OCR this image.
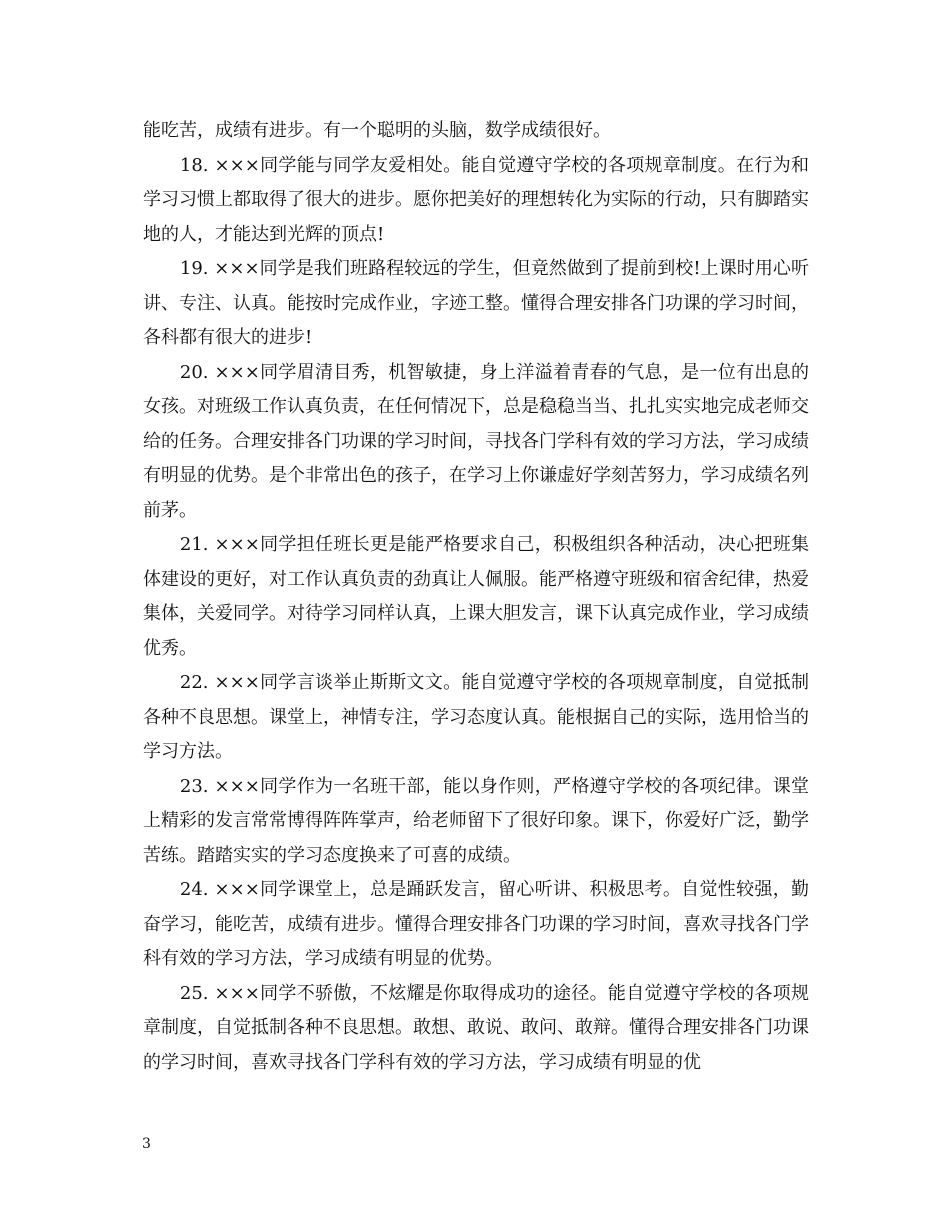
能吃苦，成绩有进步。有一个聪明的头脑，数学成绩很好。

18. ×××同学能与同学友爱相处。能自觉遵守学校的各项规章制度。在行为和学习习惯上都取得了很大的进步。愿你把美好的理想转化为实际的行动，只有脚踏实地的人，才能达到光辉的顶点!

19. ×××同学是我们班路程较远的学生，但竟然做到了提前到校!上课时用心听讲、专注、认真。能按时完成作业，字迹工整。懂得合理安排各门功课的学习时间，各科都有很大的进步!

20. ×××同学眉清目秀，机智敏捷，身上洋溢着青春的气息，是一位有出息的女孩。对班级工作认真负责，在任何情况下，总是稳稳当当、扎扎实实地完成老师交给的任务。合理安排各门功课的学习时间，寻找各门学科有效的学习方法，学习成绩有明显的优势。是个非常出色的孩子，在学习上你谦虚好学刻苦努力，学习成绩名列前茅。

21. ×××同学担任班长更是能严格要求自己，积极组织各种活动，决心把班集体建设的更好，对工作认真负责的劲真让人佩服。能严格遵守班级和宿舍纪律，热爱集体，关爱同学。对待学习同样认真，上课大胆发言，课下认真完成作业，学习成绩优秀。

22. ×××同学言谈举止斯斯文文。能自觉遵守学校的各项规章制度，自觉抵制各种不良思想。课堂上，神情专注，学习态度认真。能根据自己的实际，选用恰当的学习方法。

23. ×××同学作为一名班干部，能以身作则，严格遵守学校的各项纪律。课堂上精彩的发言常常博得阵阵掌声，给老师留下了很好印象。课下，你爱好广泛，勤学苦练。踏踏实实的学习态度换来了可喜的成绩。

24. ×××同学课堂上，总是踊跃发言，留心听讲、积极思考。自觉性较强，勤奋学习，能吃苦，成绩有进步。懂得合理安排各门功课的学习时间，喜欢寻找各门学科有效的学习方法，学习成绩有明显的优势。

25. ×××同学不骄傲，不炫耀是你取得成功的途径。能自觉遵守学校的各项规章制度，自觉抵制各种不良思想。敢想、敢说、敢问、敢辩。懂得合理安排各门功课的学习时间，喜欢寻找各门学科有效的学习方法，学习成绩有明显的优

3
